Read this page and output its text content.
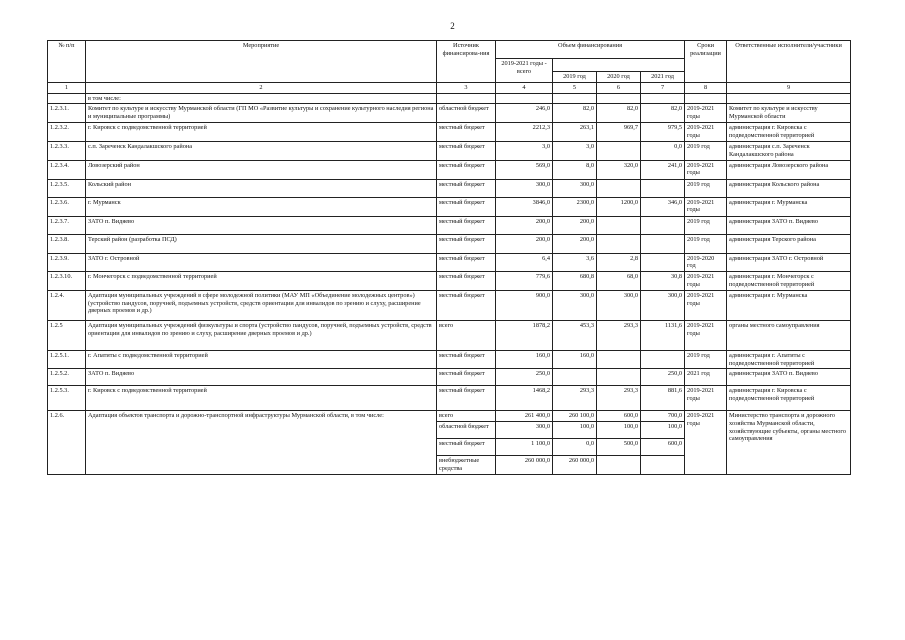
2
№ п/п	Мероприятие	Источник финансирова-ния	Объем финансирования				Сроки реализации	Ответственные исполнители/участники
			2019-2021 годы - всего					
				2019 год	2020 год	2021 год		
1	2	3	4	5	6	7	8	9
	в том числе:							
1.2.3.1.	Комитет по культуре и искусству Мурманской области (ГП МО «Развитие культуры и сохранение культурного наследия региона и муниципальные программы)	областной бюджет	246,0	82,0	82,0	82,0	2019-2021 годы	Комитет по культуре и искусству Мурманской области
1.2.3.2.	г. Кировск с подведомственной территорией	местный бюджет	2212,3	263,1	969,7	979,5	2019-2021 годы	администрация г. Кировска с подведомственной территорией
1.2.3.3.	с.п. Зареченск Кандалакшского района	местный бюджет	3,0	3,0		0,0	2019 год	администрация с.п. Зареченск Кандалакшского района
1.2.3.4.	Ловозерский район	местный бюджет	569,0	8,0	320,0	241,0	2019-2021 годы	администрация Ловозерского района
1.2.3.5.	Кольский район	местный бюджет	300,0	300,0			2019 год	администрация Кольского района
1.2.3.6.	г. Мурманск	местный бюджет	3846,0	2300,0	1200,0	346,0	2019-2021 годы	администрация г. Мурманска
1.2.3.7.	ЗАТО п. Видяево	местный бюджет	200,0	200,0			2019 год	администрация ЗАТО п. Видяево
1.2.3.8.	Терский район (разработка ПСД)	местный бюджет	200,0	200,0			2019 год	администрация Терского района
1.2.3.9.	ЗАТО г. Островной	местный бюджет	6,4	3,6	2,8		2019-2020 год	администрация ЗАТО г. Островной
1.2.3.10.	г. Мончегорск с подведомственной территорией	местный бюджет	779,6	680,8	68,0	30,8	2019-2021 годы	администрация г. Мончегорск с подведомственной территорией
1.2.4.	Адаптация муниципальных учреждений в сфере молодежной политики (МАУ МП «Объединение молодежных центров») (устройство пандусов, поручней, подъемных устройств, средств ориентации для инвалидов по зрению и слуху, расширение дверных проемов и др.)	местный бюджет	900,0	300,0	300,0	300,0	2019-2021 годы	администрация г. Мурманска
1.2.5	Адаптация муниципальных учреждений физкультуры и спорта (устройство пандусов, поручней, подъемных устройств, средств ориентации для инвалидов по зрению и слуху, расширение дверных проемов и др.)	всего	1878,2	453,3	293,3	1131,6	2019-2021 годы	органы местного самоуправления
1.2.5.1.	г. Апатиты с подведомственной территорией	местный бюджет	160,0	160,0			2019 год	администрация г. Апатиты с подведомственной территорией
1.2.5.2.	ЗАТО п. Видяево	местный бюджет	250,0			250,0	2021 год	администрация ЗАТО п. Видяево
1.2.5.3.	г. Кировск с подведомственной территорией	местный бюджет	1468,2	293,3	293,3	881,6	2019-2021 годы	администрация г. Кировска с подведомственной территорией
1.2.6.	Адаптация объектов транспорта и дорожно-транспортной инфраструктуры Мурманской области, в том числе:	всего	261 400,0	260 100,0	600,0	700,0	2019-2021 годы	Министерство транспорта и дорожного хозяйства Мурманской области, хозяйствующие субъекты, органы местного самоуправления
		областной бюджет	300,0	100,0	100,0	100,0		
		местный бюджет	1 100,0	0,0	500,0	600,0		
		внебюджетные средства	260 000,0	260 000,0				
